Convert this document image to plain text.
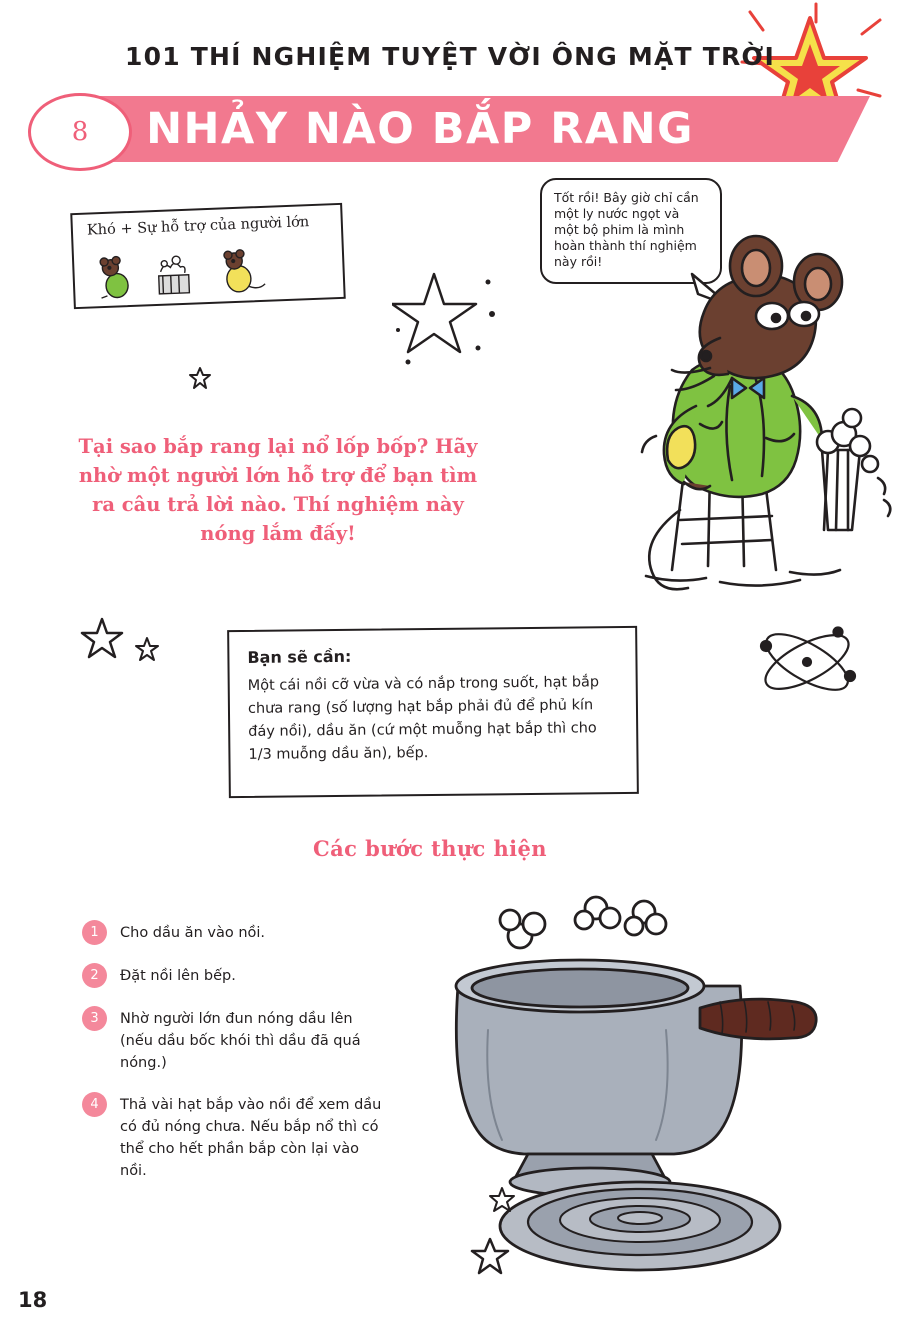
101 THÍ NGHIỆM TUYỆT VỜI ÔNG MẶT TRỜI
NHẢY NÀO BẮP RANG
8
Khó + Sự hỗ trợ của người lớn
Tốt rồi! Bây giờ chỉ cần một ly nước ngọt và một bộ phim là mình hoàn thành thí nghiệm này rồi!
Tại sao bắp rang lại nổ lốp bốp? Hãy nhờ một người lớn hỗ trợ để bạn tìm ra câu trả lời nào. Thí nghiệm này nóng lắm đấy!
Bạn sẽ cần:
Một cái nồi cỡ vừa và có nắp trong suốt, hạt bắp chưa rang (số lượng hạt bắp phải đủ để phủ kín đáy nồi), dầu ăn (cứ một muỗng hạt bắp thì cho 1/3 muỗng dầu ăn), bếp.
Các bước thực hiện
1	Cho dầu ăn vào nồi.
2	Đặt nồi lên bếp.
3	Nhờ người lớn đun nóng dầu lên (nếu dầu bốc khói thì dầu đã quá nóng.)
4	Thả vài hạt bắp vào nồi để xem dầu có đủ nóng chưa. Nếu bắp nổ thì có thể cho hết phần bắp còn lại vào nồi.
18
